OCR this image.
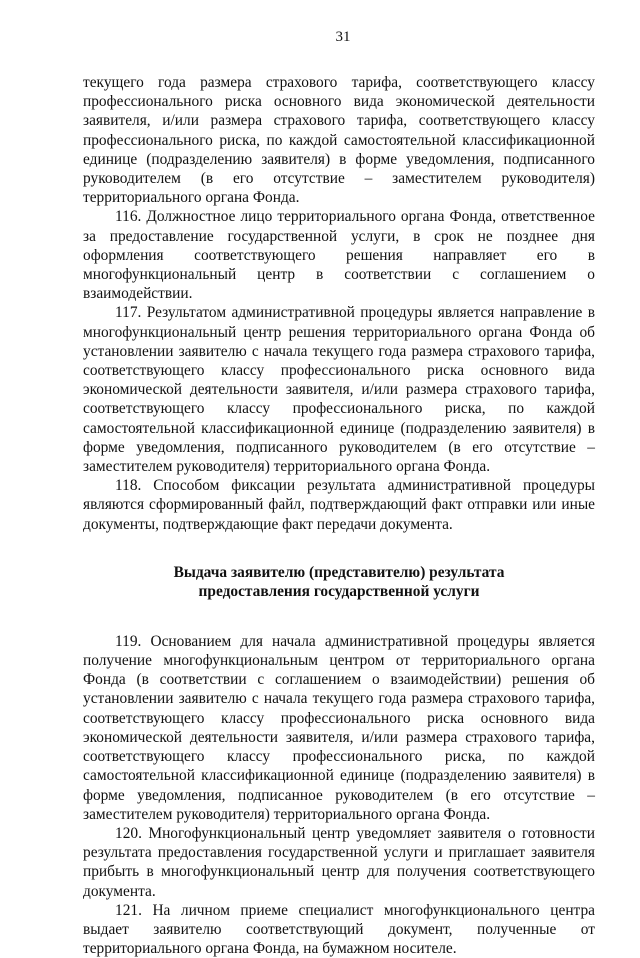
31

текущего года размера страхового тарифа, соответствующего классу профессионального риска основного вида экономической деятельности заявителя, и/или размера страхового тарифа, соответствующего классу профессионального риска, по каждой самостоятельной классификационной единице (подразделению заявителя) в форме уведомления, подписанного руководителем (в его отсутствие – заместителем руководителя) территориального органа Фонда.

116. Должностное лицо территориального органа Фонда, ответственное за предоставление государственной услуги, в срок не позднее дня оформления соответствующего решения направляет его в многофункциональный центр в соответствии с соглашением о взаимодействии.

117. Результатом административной процедуры является направление в многофункциональный центр решения территориального органа Фонда об установлении заявителю с начала текущего года размера страхового тарифа, соответствующего классу профессионального риска основного вида экономической деятельности заявителя, и/или размера страхового тарифа, соответствующего классу профессионального риска, по каждой самостоятельной классификационной единице (подразделению заявителя) в форме уведомления, подписанного руководителем (в его отсутствие – заместителем руководителя) территориального органа Фонда.

118. Способом фиксации результата административной процедуры являются сформированный файл, подтверждающий факт отправки или иные документы, подтверждающие факт передачи документа.

Выдача заявителю (представителю) результата
предоставления государственной услуги

119. Основанием для начала административной процедуры является получение многофункциональным центром от территориального органа Фонда (в соответствии с соглашением о взаимодействии) решения об установлении заявителю с начала текущего года размера страхового тарифа, соответствующего классу профессионального риска основного вида экономической деятельности заявителя, и/или размера страхового тарифа, соответствующего классу профессионального риска, по каждой самостоятельной классификационной единице (подразделению заявителя) в форме уведомления, подписанное руководителем (в его отсутствие – заместителем руководителя) территориального органа Фонда.

120. Многофункциональный центр уведомляет заявителя о готовности результата предоставления государственной услуги и приглашает заявителя прибыть в многофункциональный центр для получения соответствующего документа.

121. На личном приеме специалист многофункционального центра выдает заявителю соответствующий документ, полученные от территориального органа Фонда, на бумажном носителе.
